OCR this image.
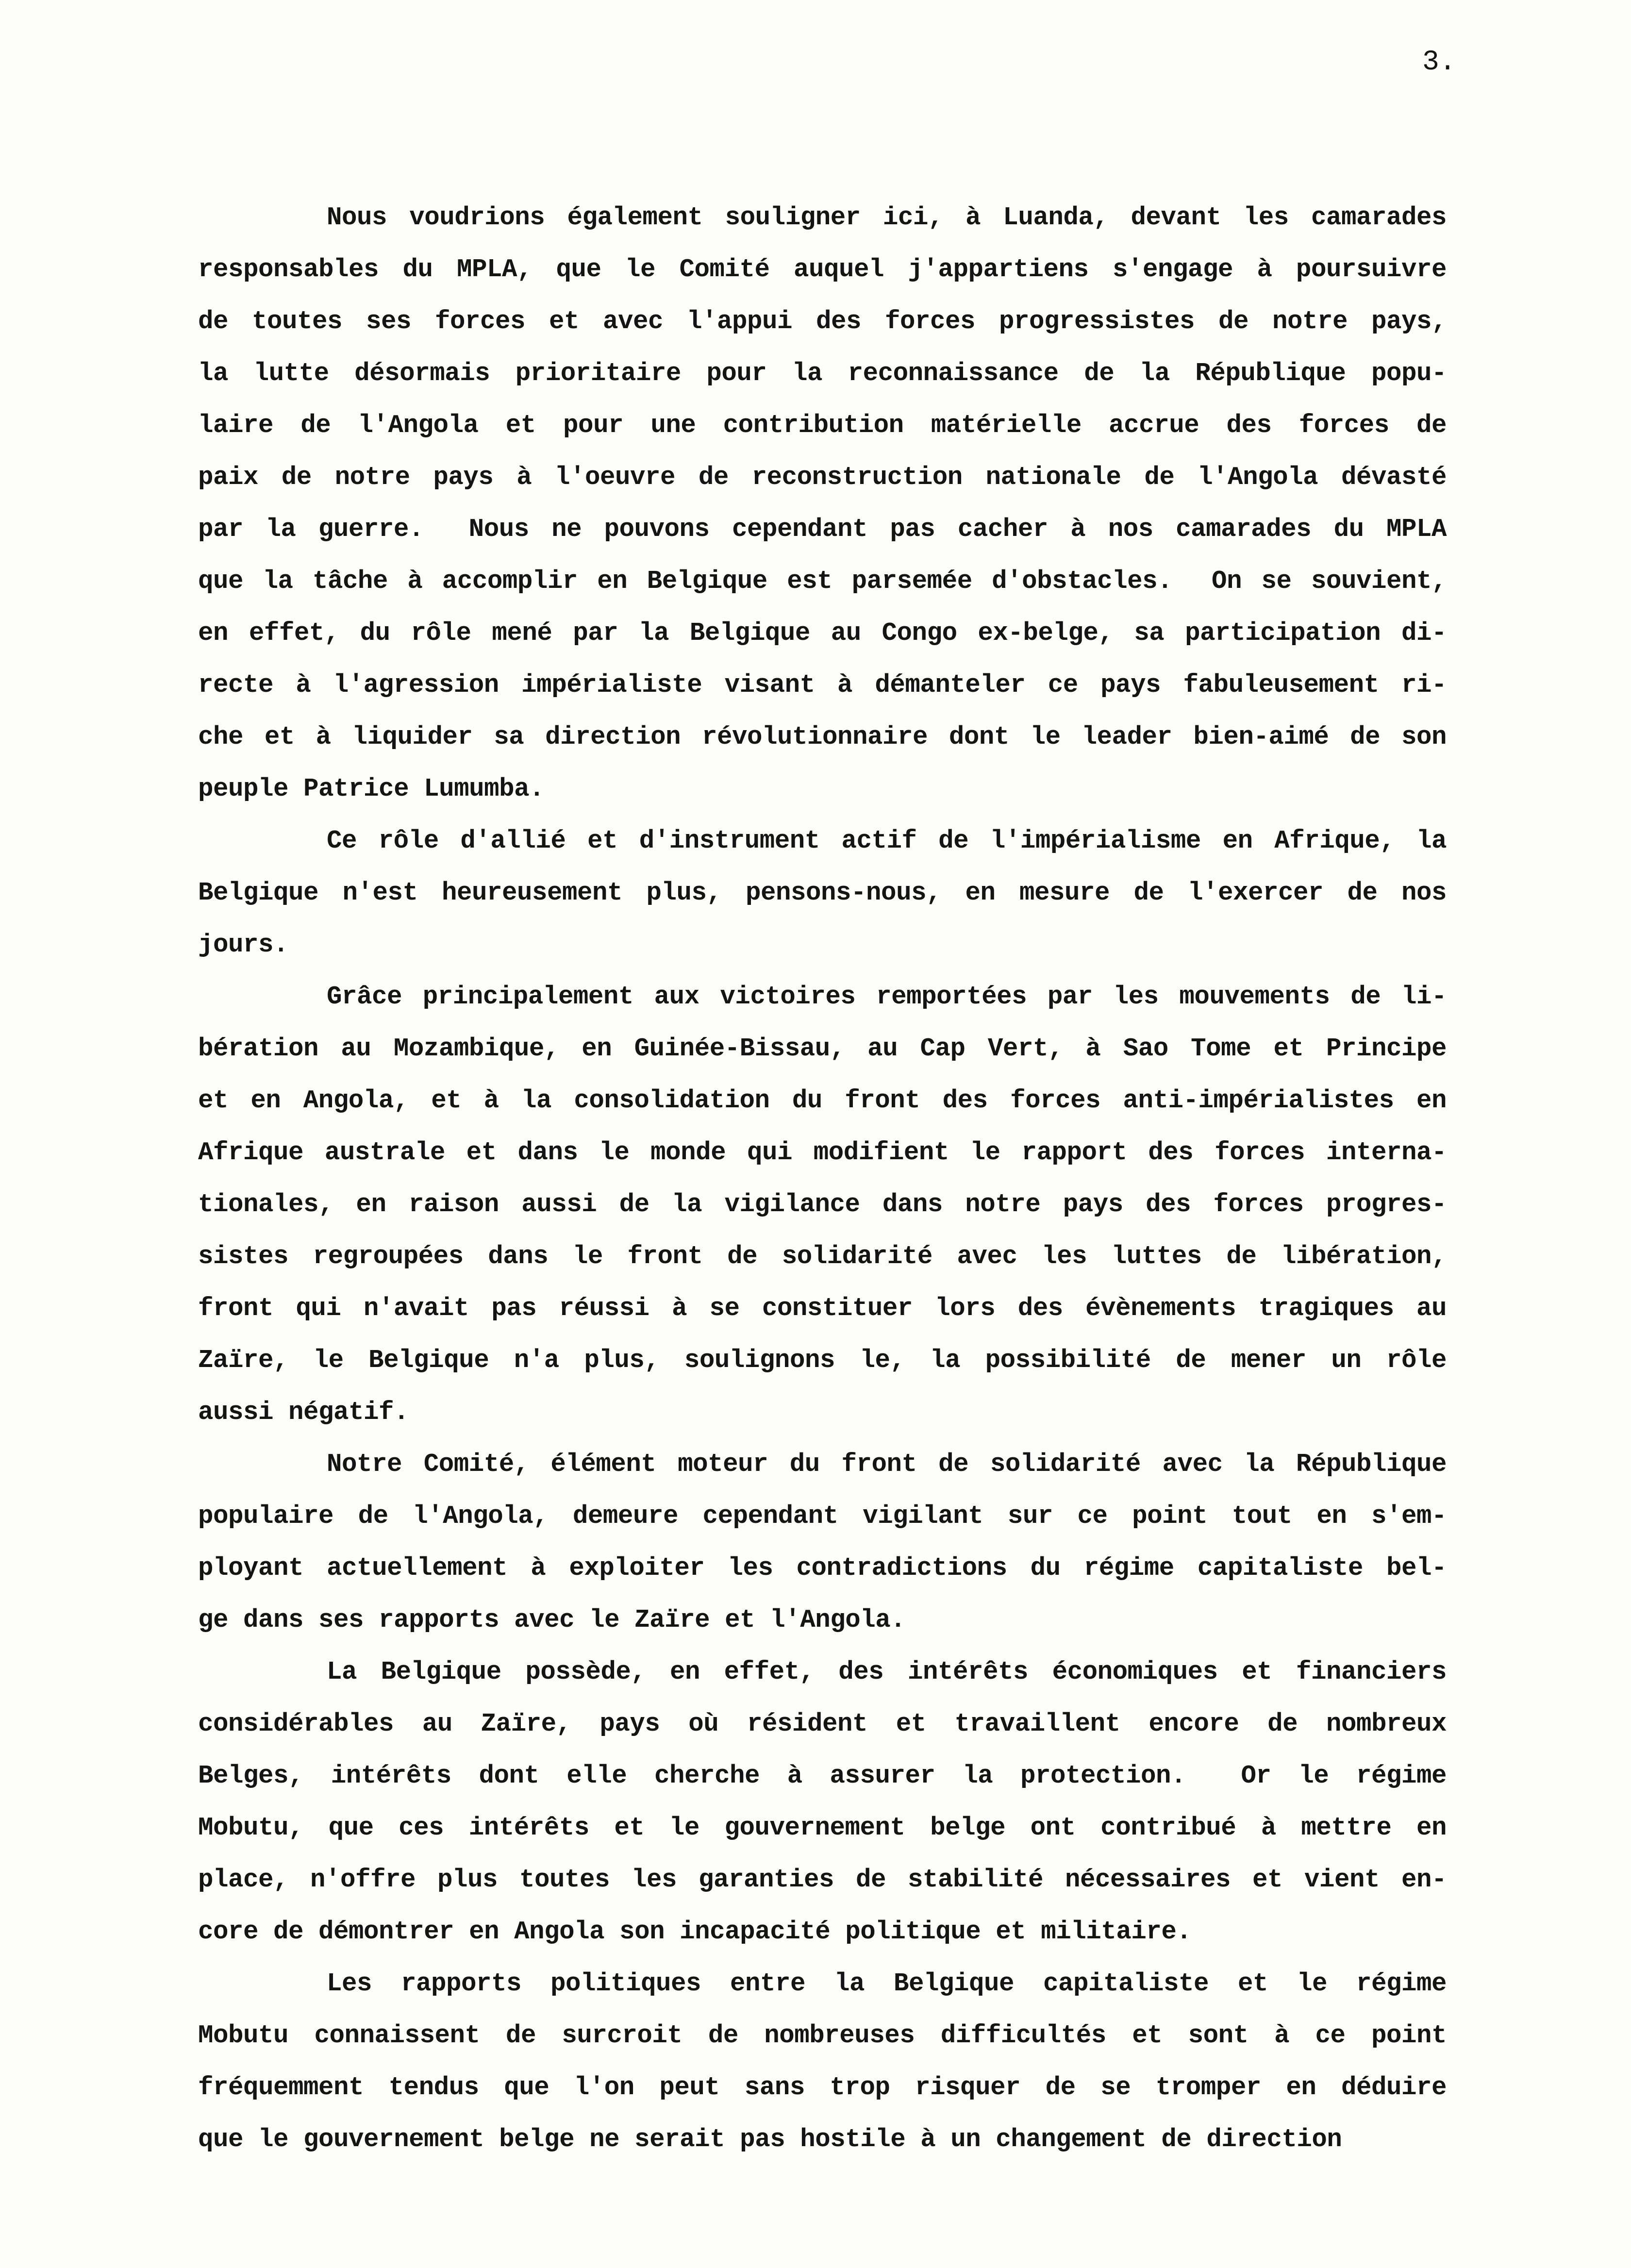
3.
Nous voudrions également souligner ici, à Luanda, devant les camarades
responsables du MPLA, que le Comité auquel j'appartiens s'engage à poursuivre
de toutes ses forces et avec l'appui des forces progressistes de notre pays,
la lutte désormais prioritaire pour la reconnaissance de la République popu-
laire de l'Angola et pour une contribution matérielle accrue des forces de
paix de notre pays à l'oeuvre de reconstruction nationale de l'Angola dévasté
par la guerre.  Nous ne pouvons cependant pas cacher à nos camarades du MPLA
que la tâche à accomplir en Belgique est parsemée d'obstacles.  On se souvient,
en effet, du rôle mené par la Belgique au Congo ex-belge, sa participation di-
recte à l'agression impérialiste visant à démanteler ce pays fabuleusement ri-
che et à liquider sa direction révolutionnaire dont le leader bien-aimé de son
peuple Patrice Lumumba.
Ce rôle d'allié et d'instrument actif de l'impérialisme en Afrique, la
Belgique n'est heureusement plus, pensons-nous, en mesure de l'exercer de nos
jours.
Grâce principalement aux victoires remportées par les mouvements de li-
bération au Mozambique, en Guinée-Bissau, au Cap Vert, à Sao Tome et Principe
et en Angola, et à la consolidation du front des forces anti-impérialistes en
Afrique australe et dans le monde qui modifient le rapport des forces interna-
tionales, en raison aussi de la vigilance dans notre pays des forces progres-
sistes regroupées dans le front de solidarité avec les luttes de libération,
front qui n'avait pas réussi à se constituer lors des évènements tragiques au
Zaïre, le Belgique n'a plus, soulignons le, la possibilité de mener un rôle
aussi négatif.
Notre Comité, élément moteur du front de solidarité avec la République
populaire de l'Angola, demeure cependant vigilant sur ce point tout en s'em-
ployant actuellement à exploiter les contradictions du régime capitaliste bel-
ge dans ses rapports avec le Zaïre et l'Angola.
La Belgique possède, en effet, des intérêts économiques et financiers
considérables au Zaïre, pays où résident et travaillent encore de nombreux
Belges, intérêts dont elle cherche à assurer la protection.  Or le régime
Mobutu, que ces intérêts et le gouvernement belge ont contribué à mettre en
place, n'offre plus toutes les garanties de stabilité nécessaires et vient en-
core de démontrer en Angola son incapacité politique et militaire.
Les rapports politiques entre la Belgique capitaliste et le régime
Mobutu connaissent de surcroit de nombreuses difficultés et sont à ce point
fréquemment tendus que l'on peut sans trop risquer de se tromper en déduire
que le gouvernement belge ne serait pas hostile à un changement de direction
